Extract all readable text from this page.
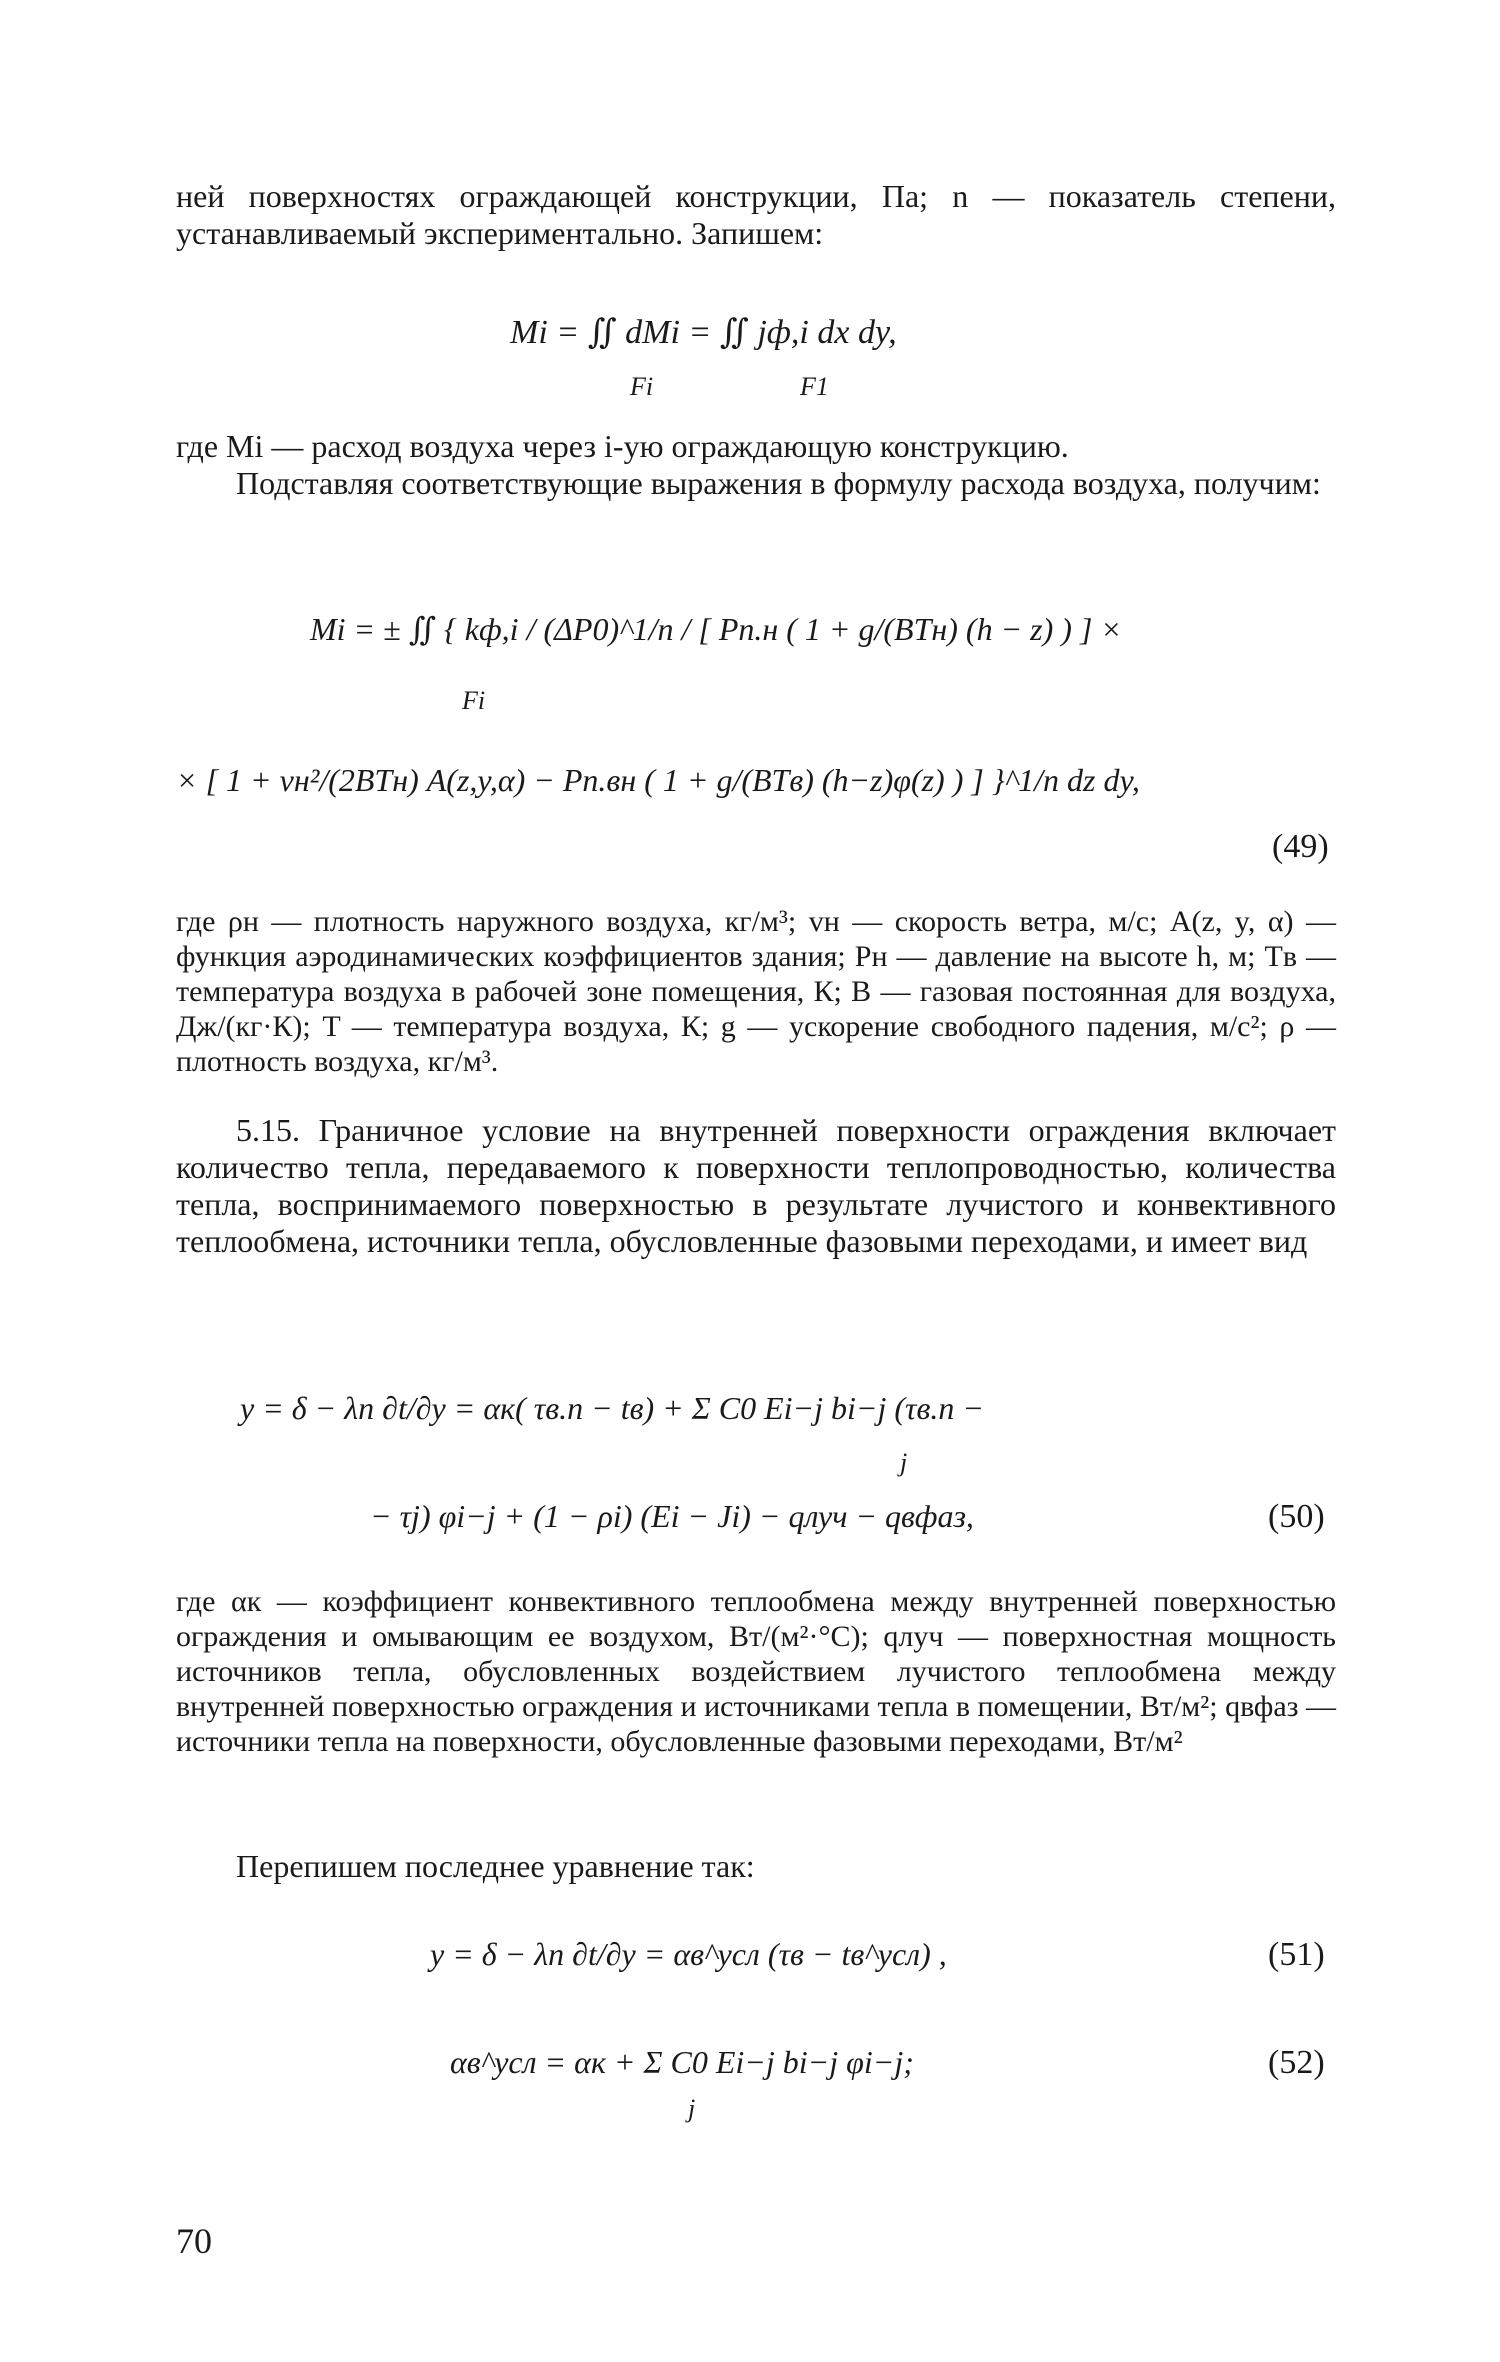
ней поверхностях ограждающей конструкции, Па; n — показатель степени, устанавливаемый экспериментально. Запишем:

Mi = ∬ dMi = ∬ jф,i dx dy,
Fi	F1

где Mi — расход воздуха через i-ую ограждающую конструкцию.

Подставляя соответствующие выражения в формулу расхода воздуха, получим:

Mi = ± ∬ { kф,i / (ΔP0)^1/n / [ Pп.н ( 1 + g/(BTн) (h − z) ) ] ×
Fi
× [ 1 + vн²/(2BTн) A(z,y,α) − Pп.вн ( 1 + g/(BTв) (h−z)φ(z) ) ] }^1/n dz dy,
(49)

где ρн — плотность наружного воздуха, кг/м³; vн — скорость ветра, м/с; A(z, y, α) — функция аэродинамических коэффициентов здания; Pн — давление на высоте h, м; Tв — температура воздуха в рабочей зоне помещения, К; B — газовая постоянная для воздуха, Дж/(кг·К); T — температура воздуха, К; g — ускорение свободного падения, м/с²; ρ — плотность воздуха, кг/м³.

5.15. Граничное условие на внутренней поверхности ограждения включает количество тепла, передаваемого к поверхности теплопроводностью, количества тепла, воспринимаемого поверхностью в результате лучистого и конвективного теплообмена, источники тепла, обусловленные фазовыми переходами, и имеет вид

y = δ − λп ∂t/∂y = αк( τв.п − tв) + Σ C0 Ei−j bi−j (τв.п −
j
− τj) φi−j + (1 − ρi) (Ei − Ji) − qлуч − qвфаз,	(50)

где αк — коэффициент конвективного теплообмена между внутренней поверхностью ограждения и омывающим ее воздухом, Вт/(м²·°С); qлуч — поверхностная мощность источников тепла, обусловленных воздействием лучистого теплообмена между внутренней поверхностью ограждения и источниками тепла в помещении, Вт/м²; qвфаз — источники тепла на поверхности, обусловленные фазовыми переходами, Вт/м²

Перепишем последнее уравнение так:

y = δ − λп ∂t/∂y = αв^усл (τв − tв^усл) ,	(51)
αв^усл = αк + Σ C0 Ei−j bi−j φi−j;
j
(52)
70
